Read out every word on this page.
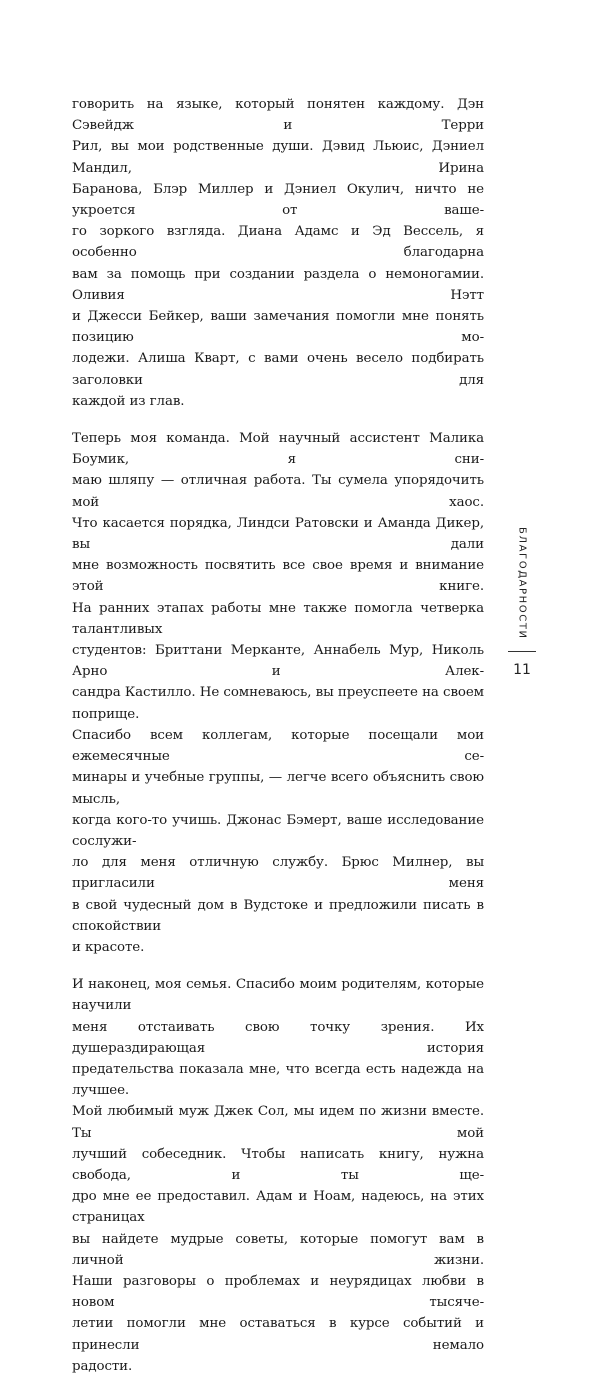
говорить на языке, который понятен каждому. Дэн Сэвейдж и Терри
Рил, вы мои родственные души. Дэвид Льюис, Дэниел Мандил, Ирина
Баранова, Блэр Миллер и Дэниел Окулич, ничто не укроется от ваше-
го зоркого взгляда. Диана Адамс и Эд Вессель, я особенно благодарна
вам за помощь при создании раздела о немоногамии. Оливия Нэтт
и Джесси Бейкер, ваши замечания помогли мне понять позицию мо-
лодежи. Алиша Кварт, с вами очень весело подбирать заголовки для
каждой из глав.

Теперь моя команда. Мой научный ассистент Малика Боумик, я сни-
маю шляпу — отличная работа. Ты сумела упорядочить мой хаос.
Что касается порядка, Линдси Ратовски и Аманда Дикер, вы дали
мне возможность посвятить все свое время и внимание этой книге.
На ранних этапах работы мне также помогла четверка талантливых
студентов: Бриттани Мерканте, Аннабель Мур, Николь Арно и Алек-
сандра Кастилло. Не сомневаюсь, вы преуспеете на своем поприще.
Спасибо всем коллегам, которые посещали мои ежемесячные се-
минары и учебные группы, — легче всего объяснить свою мысль,
когда кого-то учишь. Джонас Бэмерт, ваше исследование сослужи-
ло для меня отличную службу. Брюс Милнер, вы пригласили меня
в свой чудесный дом в Вудстоке и предложили писать в спокойствии
и красоте.

И наконец, моя семья. Спасибо моим родителям, которые научили
меня отстаивать свою точку зрения. Их душераздирающая история
предательства показала мне, что всегда есть надежда на лучшее.
Мой любимый муж Джек Сол, мы идем по жизни вместе. Ты мой
лучший собеседник. Чтобы написать книгу, нужна свобода, и ты ще-
дро мне ее предоставил. Адам и Ноам, надеюсь, на этих страницах
вы найдете мудрые советы, которые помогут вам в личной жизни.
Наши разговоры о проблемах и неурядицах любви в новом тысяче-
летии помогли мне оставаться в курсе событий и принесли немало
радости.

БЛАГОДАРНОСТИ
11
